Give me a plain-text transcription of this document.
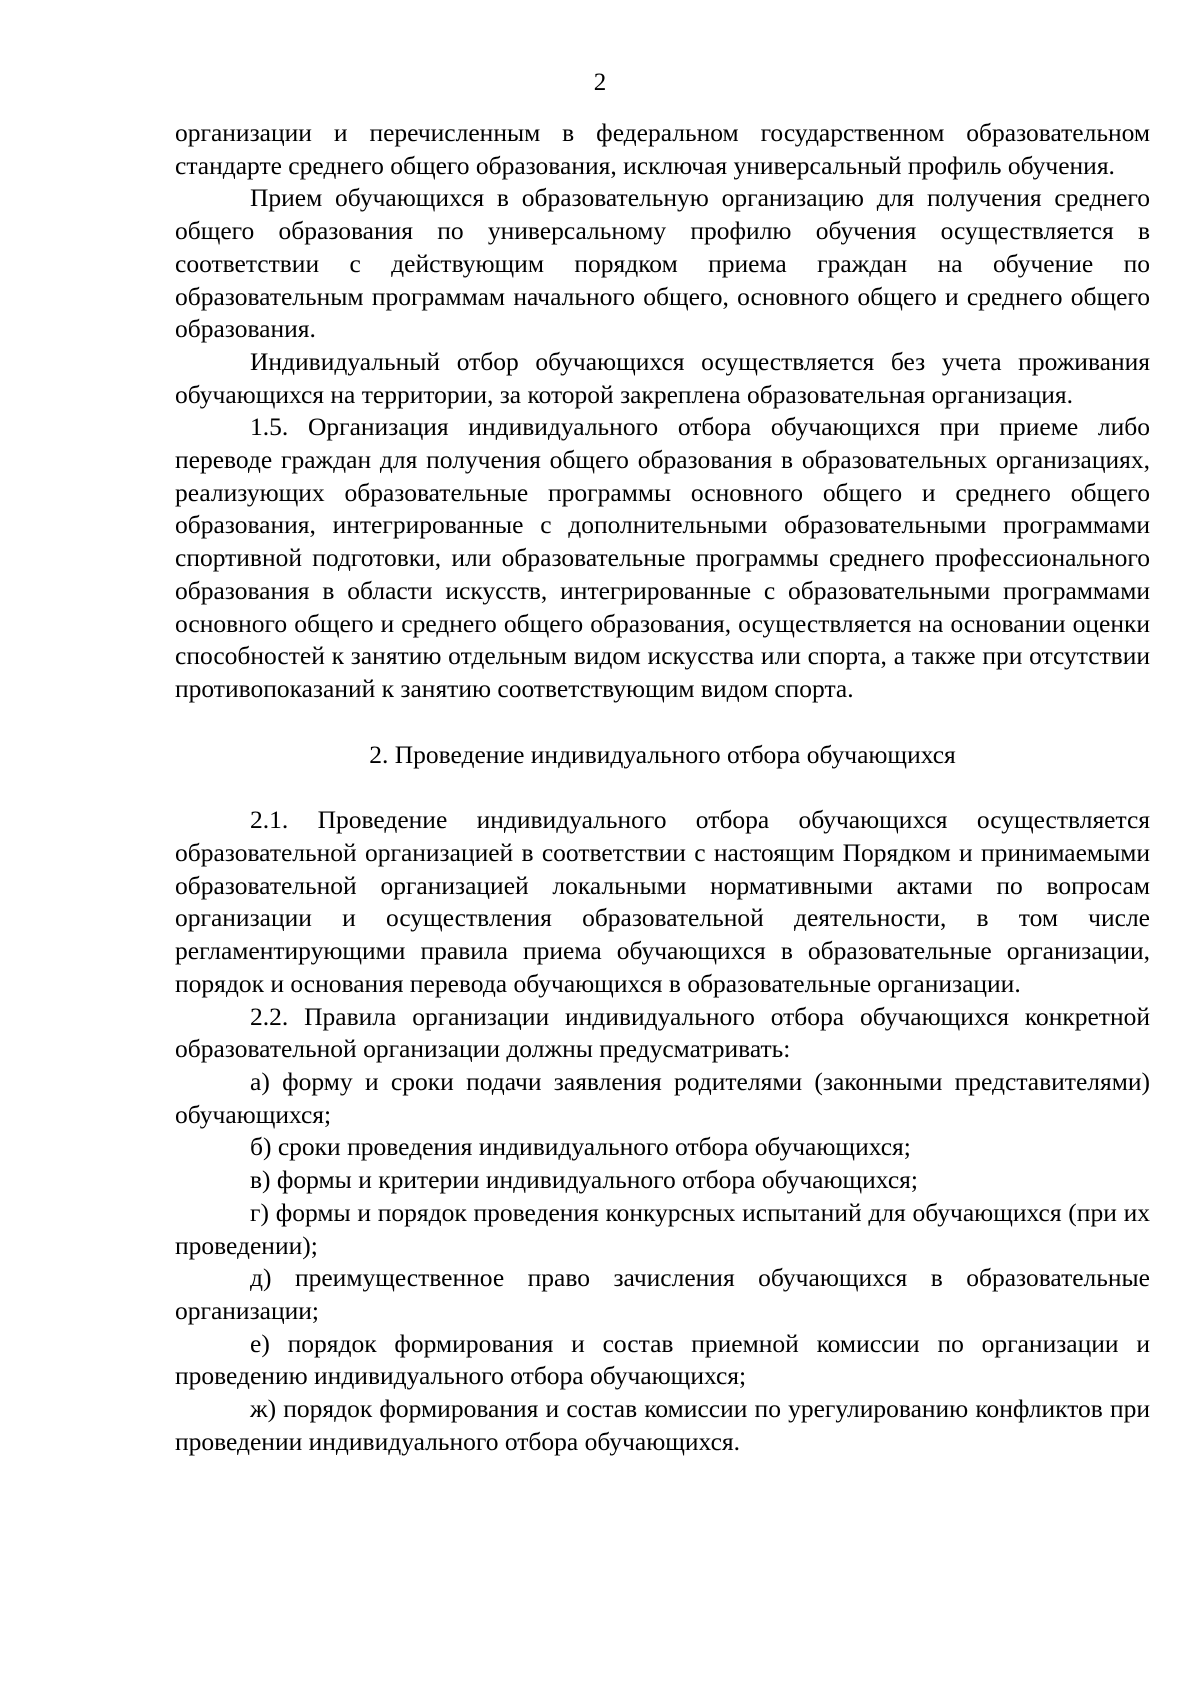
2

организации и перечисленным в федеральном государственном образовательном стандарте среднего общего образования, исключая универсальный профиль обучения.

Прием обучающихся в образовательную организацию для получения среднего общего образования по универсальному профилю обучения осуществляется в соответствии с действующим порядком приема граждан на обучение по образовательным программам начального общего, основного общего и среднего общего образования.

Индивидуальный отбор обучающихся осуществляется без учета проживания обучающихся на территории, за которой закреплена образовательная организация.

1.5. Организация индивидуального отбора обучающихся при приеме либо переводе граждан для получения общего образования в образовательных организациях, реализующих образовательные программы основного общего и среднего общего образования, интегрированные с дополнительными образовательными программами спортивной подготовки, или образовательные программы среднего профессионального образования в области искусств, интегрированные с образовательными программами основного общего и среднего общего образования, осуществляется на основании оценки способностей к занятию отдельным видом искусства или спорта, а также при отсутствии противопоказаний к занятию соответствующим видом спорта.

2. Проведение индивидуального отбора обучающихся

2.1. Проведение индивидуального отбора обучающихся осуществляется образовательной организацией в соответствии с настоящим Порядком и принимаемыми образовательной организацией локальными нормативными актами по вопросам организации и осуществления образовательной деятельности, в том числе регламентирующими правила приема обучающихся в образовательные организации, порядок и основания перевода обучающихся в образовательные организации.

2.2. Правила организации индивидуального отбора обучающихся конкретной образовательной организации должны предусматривать:

а) форму и сроки подачи заявления родителями (законными представителями) обучающихся;

б) сроки проведения индивидуального отбора обучающихся;

в) формы и критерии индивидуального отбора обучающихся;

г) формы и порядок проведения конкурсных испытаний для обучающихся (при их проведении);

д) преимущественное право зачисления обучающихся в образовательные организации;

е) порядок формирования и состав приемной комиссии по организации и проведению индивидуального отбора обучающихся;

ж) порядок формирования и состав комиссии по урегулированию конфликтов при проведении индивидуального отбора обучающихся.
